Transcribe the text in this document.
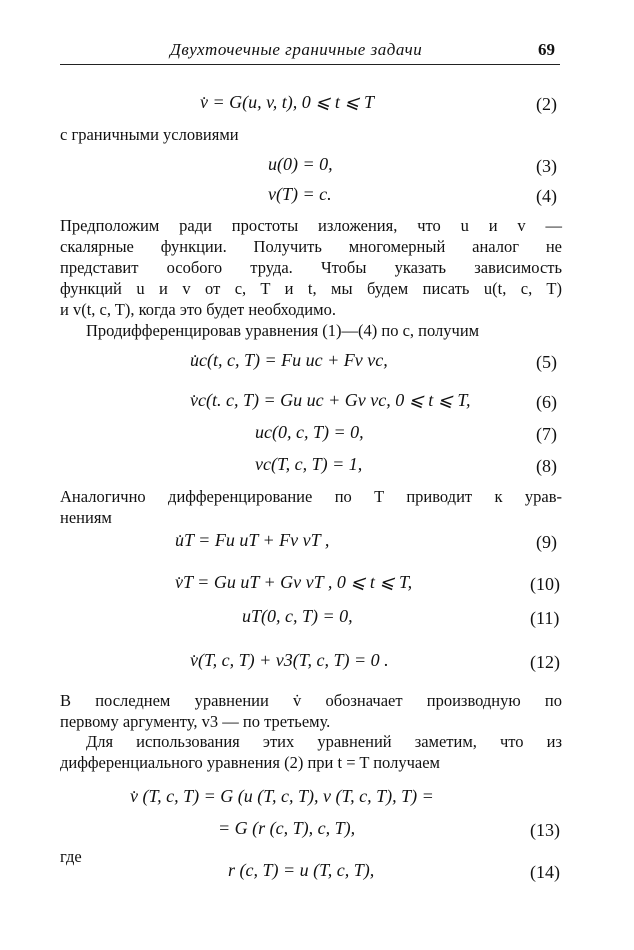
Двухточечные граничные задачи	69
v̇ = G(u, v, t), 0 ⩽ t ⩽ T	(2)
с граничными условиями
u(0) = 0,	(3)
v(T) = c.	(4)
Предположим ради простоты изложения, что u и v —
скалярные функции. Получить многомерный аналог не
представит особого труда. Чтобы указать зависимость
функций u и v от c, T и t, мы будем писать u(t, c, T)
и v(t, c, T), когда это будет необходимо.
Продифференцировав уравнения (1)—(4) по c, получим
u̇c(t, c, T) = Fu uc + Fv vc,	(5)
v̇c(t. c, T) = Gu uc + Gv vc, 0 ⩽ t ⩽ T,	(6)
uc(0, c, T) = 0,	(7)
vc(T, c, T) = 1,	(8)
Аналогично дифференцирование по T приводит к урав-
нениям
u̇T = Fu uT + Fv vT ,	(9)
v̇T = Gu uT + Gv vT , 0 ⩽ t ⩽ T,	(10)
uT(0, c, T) = 0,	(11)
v̇(T, c, T) + v3(T, c, T) = 0 .	(12)
В последнем уравнении v̇ обозначает производную по
первому аргументу, v3 — по третьему.
Для использования этих уравнений заметим, что из
дифференциального уравнения (2) при t = T получаем
v̇ (T, c, T) = G (u (T, c, T), v (T, c, T), T) =
= G (r (c, T), c, T),	(13)
где
r (c, T) = u (T, c, T),	(14)
